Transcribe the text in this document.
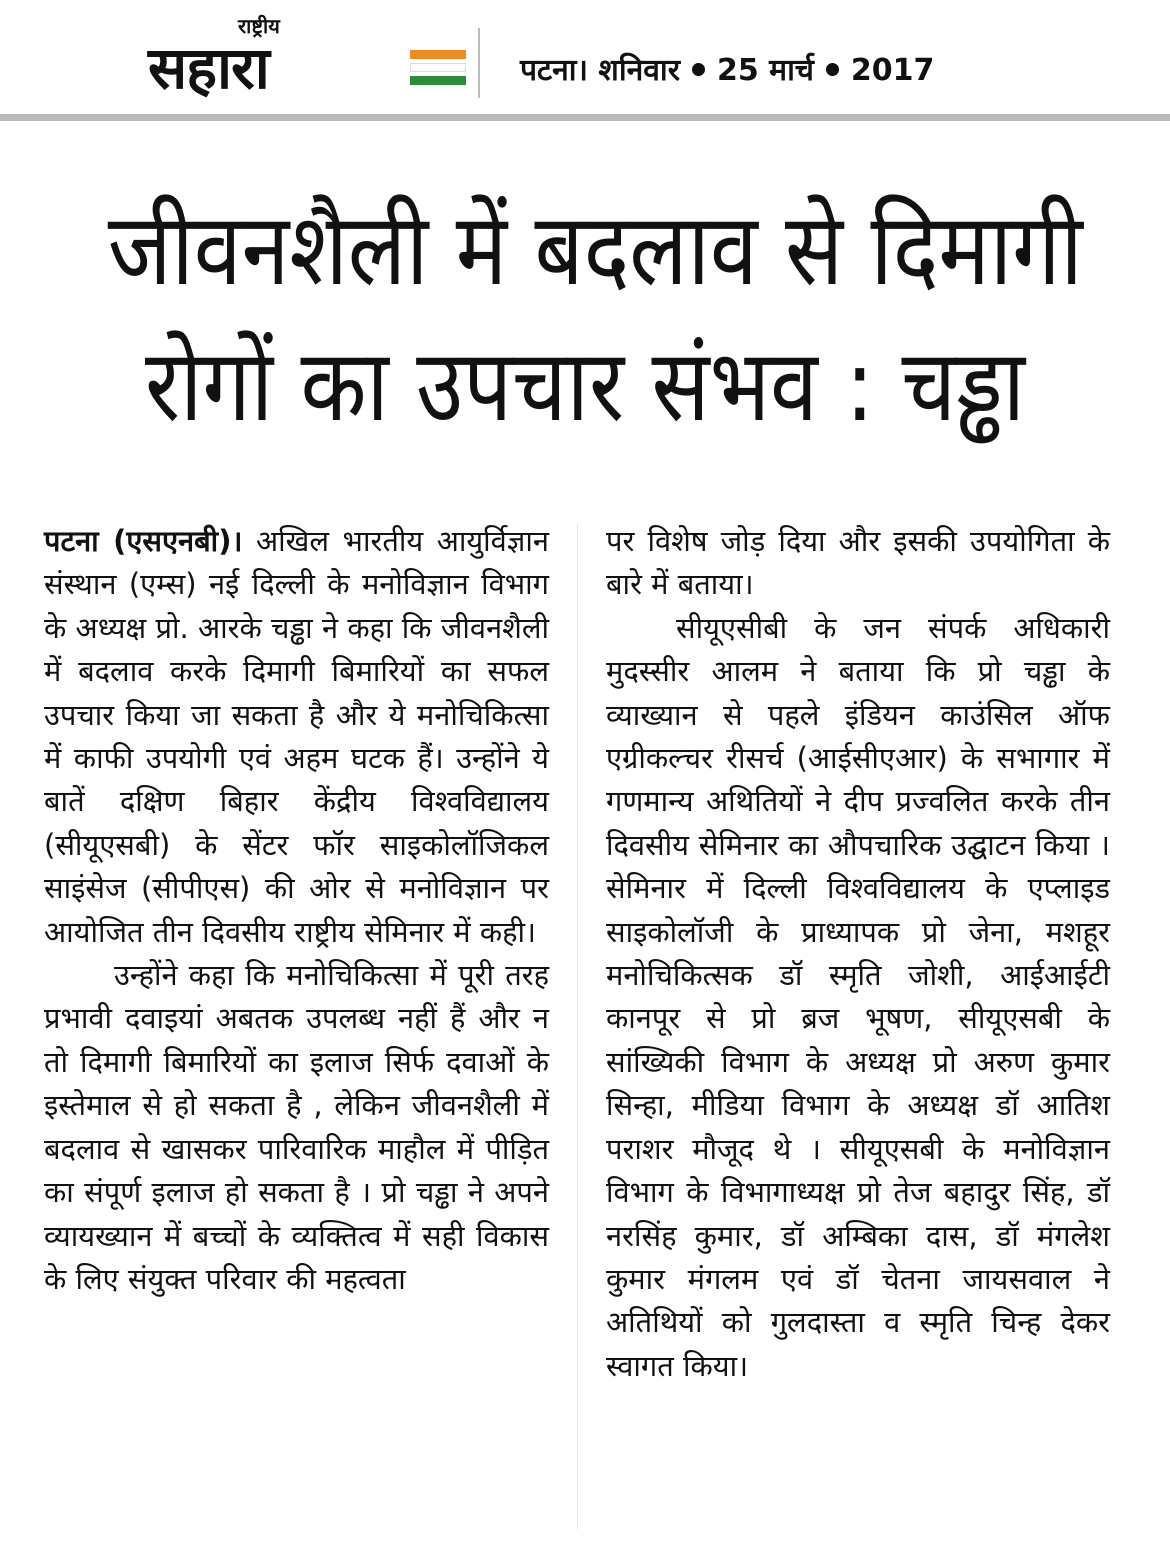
राष्ट्रीय
सहारा	पटना। शनिवार 25 मार्च 2017
जीवनशैली में बदलाव से दिमागी
रोगों का उपचार संभव : चड्ढा

पटना (एसएनबी)। अखिल भारतीय आयुर्विज्ञान संस्थान (एम्स) नई दिल्ली के मनोविज्ञान विभाग के अध्यक्ष प्रो. आरके चड्ढा ने कहा कि जीवनशैली में बदलाव करके दिमागी बिमारियों का सफल उपचार किया जा सकता है और ये मनोचिकित्सा में काफी उपयोगी एवं अहम घटक हैं। उन्होंने ये बातें दक्षिण बिहार केंद्रीय विश्वविद्यालय (सीयूएसबी) के सेंटर फॉर साइकोलॉजिकल साइंसेज (सीपीएस) की ओर से मनोविज्ञान पर आयोजित तीन दिवसीय राष्ट्रीय सेमिनार में कही।

उन्होंने कहा कि मनोचिकित्सा में पूरी तरह प्रभावी दवाइयां अबतक उपलब्ध नहीं हैं और न तो दिमागी बिमारियों का इलाज सिर्फ दवाओं के इस्तेमाल से हो सकता है , लेकिन जीवनशैली में बदलाव से खासकर पारिवारिक माहौल में पीड़ित का संपूर्ण इलाज हो सकता है । प्रो चड्ढा ने अपने व्यायख्यान में बच्चों के व्यक्तित्व में सही विकास के लिए संयुक्त परिवार की महत्वता

पर विशेष जोड़ दिया और इसकी उपयोगिता के बारे में बताया।

सीयूएसीबी के जन संपर्क अधिकारी मुदस्सीर आलम ने बताया कि प्रो चड्ढा के व्याख्यान से पहले इंडियन काउंसिल ऑफ एग्रीकल्चर रीसर्च (आईसीएआर) के सभागार में गणमान्य अथितियों ने दीप प्रज्वलित करके तीन दिवसीय सेमिनार का औपचारिक उद्घाटन किया । सेमिनार में दिल्ली विश्वविद्यालय के एप्लाइड साइकोलॉजी के प्राध्यापक प्रो जेना, मशहूर मनोचिकित्सक डॉ स्मृति जोशी, आईआईटी कानपूर से प्रो ब्रज भूषण, सीयूएसबी के सांख्यिकी विभाग के अध्यक्ष प्रो अरुण कुमार सिन्हा, मीडिया विभाग के अध्यक्ष डॉ आतिश पराशर मौजूद थे । सीयूएसबी के मनोविज्ञान विभाग के विभागाध्यक्ष प्रो तेज बहादुर सिंह, डॉ नरसिंह कुमार, डॉ अम्बिका दास, डॉ मंगलेश कुमार मंगलम एवं डॉ चेतना जायसवाल ने अतिथियों को गुलदास्ता व स्मृति चिन्ह देकर स्वागत किया।
